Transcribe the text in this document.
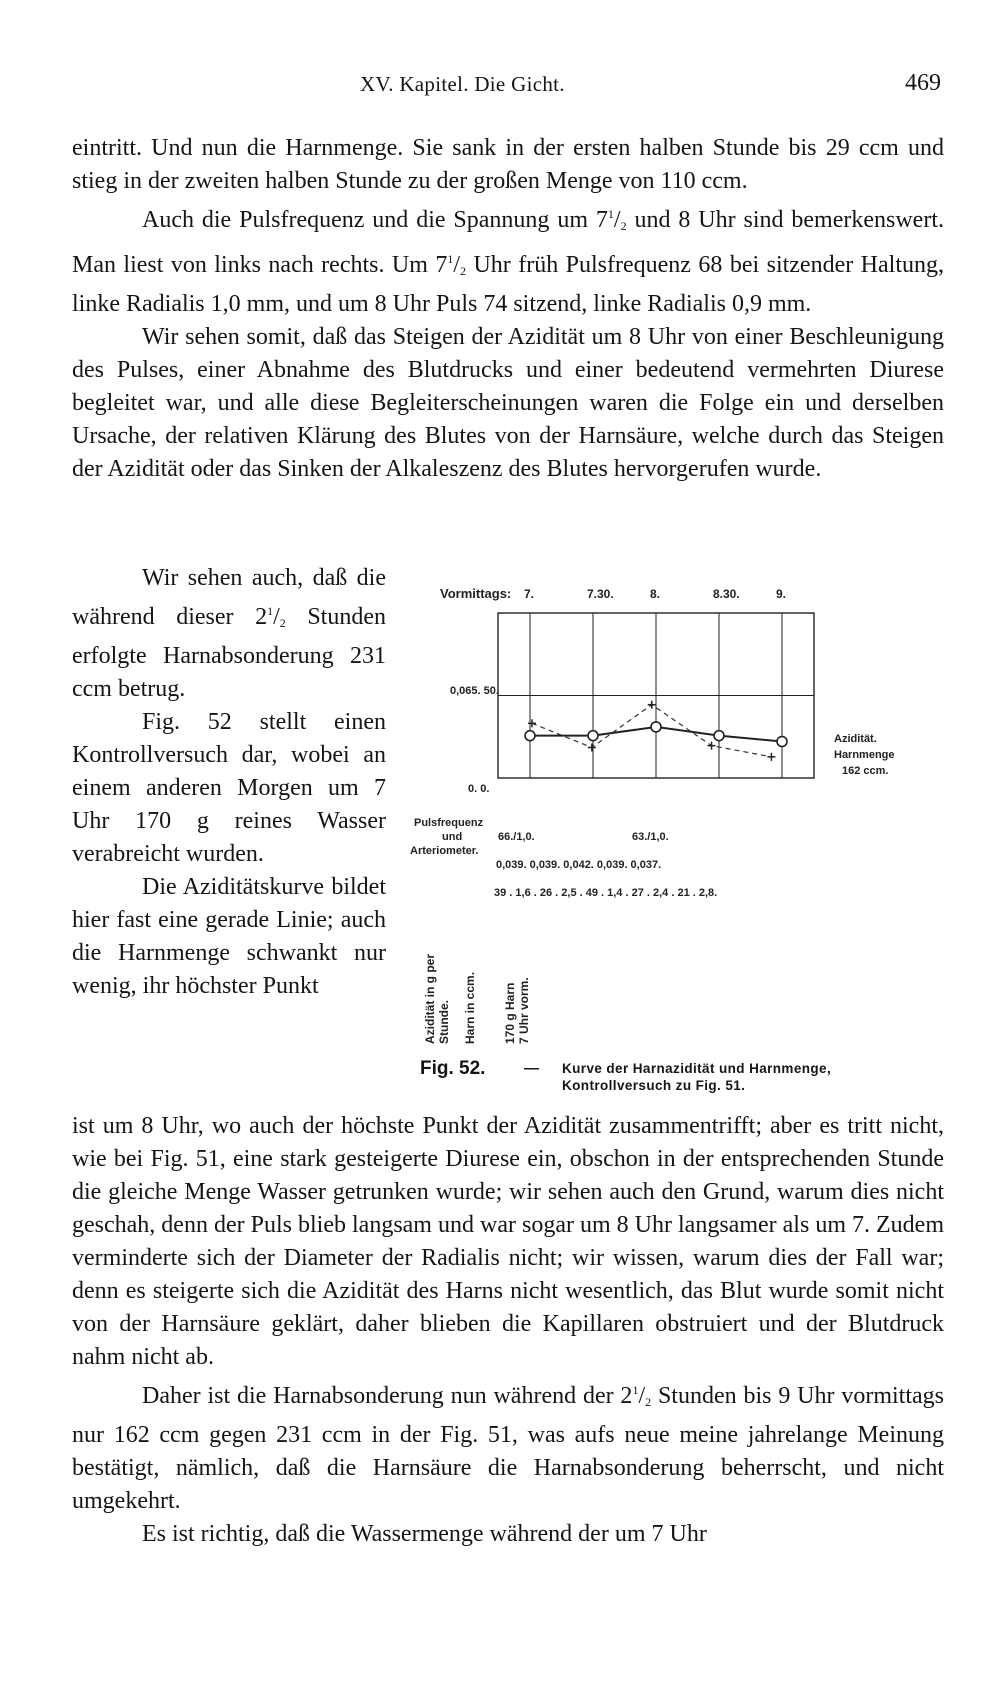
XV. Kapitel. Die Gicht.	469

eintritt. Und nun die Harnmenge. Sie sank in der ersten halben Stunde bis 29 ccm und stieg in der zweiten halben Stunde zu der großen Menge von 110 ccm.

Auch die Pulsfrequenz und die Spannung um $7^1/_2$ und 8 Uhr sind bemerkenswert. Man liest von links nach rechts. Um $7^1/_2$ Uhr früh Pulsfrequenz 68 bei sitzender Haltung, linke Radialis 1,0 mm, und um 8 Uhr Puls 74 sitzend, linke Radialis 0,9 mm.

Wir sehen somit, daß das Steigen der Azidität um 8 Uhr von einer Beschleunigung des Pulses, einer Abnahme des Blutdrucks und einer bedeutend vermehrten Diurese begleitet war, und alle diese Begleiterscheinungen waren die Folge ein und derselben Ursache, der relativen Klärung des Blutes von der Harnsäure, welche durch das Steigen der Azidität oder das Sinken der Alkaleszenz des Blutes hervorgerufen wurde.

Wir sehen auch, daß die während dieser $2^1/_2$ Stunden erfolgte Harnabsonderung 231 ccm betrug.

Fig. 52 stellt einen Kontrollversuch dar, wobei an einem anderen Morgen um 7 Uhr 170 g reines Wasser verabreicht wurden.

Die Aziditätskurve bildet hier fast eine gerade Linie; auch die Harnmenge schwankt nur wenig, ihr höchster Punkt

Vormittags: 7.	7.30.	8.	8.30.	9.
0,065. 50.
0. 0.
Azidität.
Harnmenge
162 ccm.
Pulsfrequenz
und
Arteriometer.
66./1,0.	63./1,0.
0,039. 0,039. 0,042. 0,039. 0,037.
39 . 1,6 . 26 . 2,5 . 49 . 1,4 . 27 . 2,4 . 21 . 2,8.
Azidität in g per Stunde. Harn in ccm. 170 g Harn 7 Uhr vorm.
Fig. 52.	— Kurve der Harnazidität und Harnmenge,
Kontrollversuch zu Fig. 51.

ist um 8 Uhr, wo auch der höchste Punkt der Azidität zusammentrifft; aber es tritt nicht, wie bei Fig. 51, eine stark gesteigerte Diurese ein, obschon in der entsprechenden Stunde die gleiche Menge Wasser getrunken wurde; wir sehen auch den Grund, warum dies nicht geschah, denn der Puls blieb langsam und war sogar um 8 Uhr langsamer als um 7. Zudem verminderte sich der Diameter der Radialis nicht; wir wissen, warum dies der Fall war; denn es steigerte sich die Azidität des Harns nicht wesentlich, das Blut wurde somit nicht von der Harnsäure geklärt, daher blieben die Kapillaren obstruiert und der Blutdruck nahm nicht ab.

Daher ist die Harnabsonderung nun während der $2^1/_2$ Stunden bis 9 Uhr vormittags nur 162 ccm gegen 231 ccm in der Fig. 51, was aufs neue meine jahrelange Meinung bestätigt, nämlich, daß die Harnsäure die Harnabsonderung beherrscht, und nicht umgekehrt.

Es ist richtig, daß die Wassermenge während der um 7 Uhr
